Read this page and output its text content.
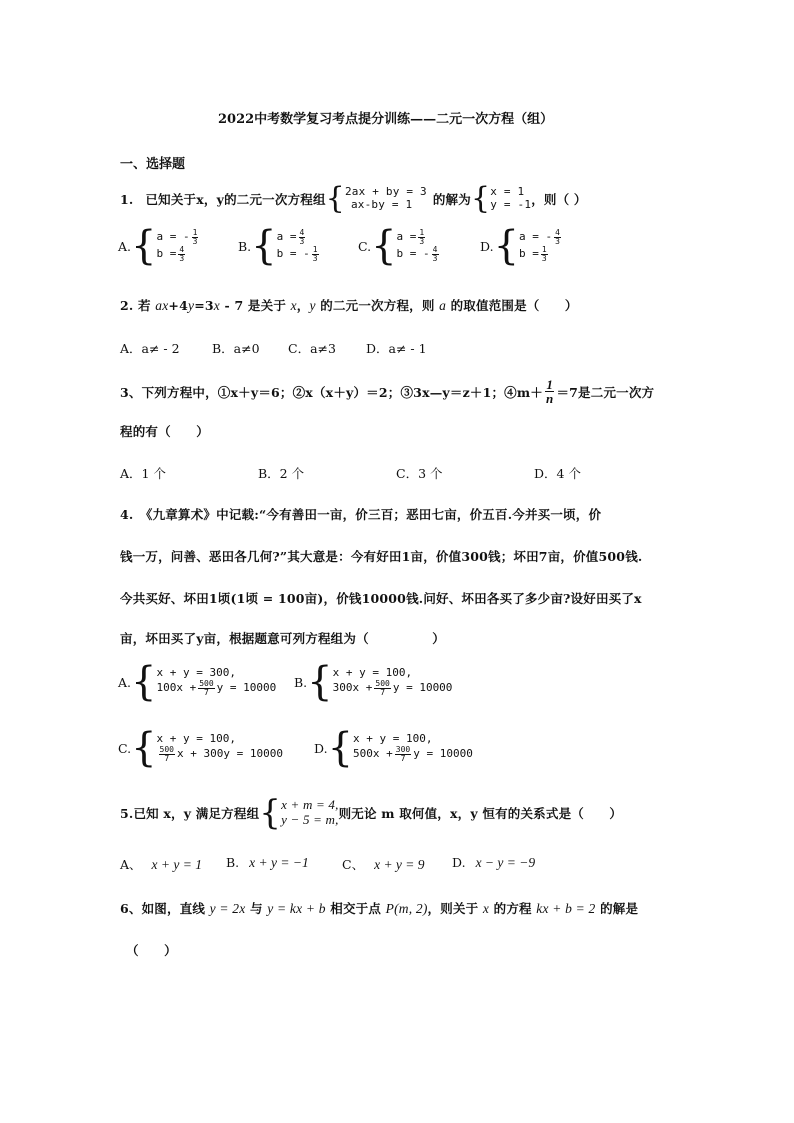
2022中考数学复习考点提分训练——二元一次方程（组）
一、选择题
1. 已知关于x，y的二元一次方程组 { 2ax + by = 3
ax-by = 1	的解为 { x = 1
y = -1 ，则（ ）
A. { a = - $\frac{1}{3}$
$b = \frac{4}{3}$	B. { $a = \frac{4}{3}$
b = - $\frac{1}{3}$	C. { $a = \frac{1}{3}$
b = - $\frac{4}{3}$	D. { a = - $\frac{4}{3}$
$b = \frac{1}{3}$
2. 若 ax+4y=3x - 7 是关于 x，y 的二元一次方程，则 a 的取值范围是（　　）
A．a≠ - 2	B．a≠0 C．a≠3 D．a≠ - 1
3、下列方程中，①x＋y＝6；②x（x＋y）＝2；③3x—y＝z＋1；④m＋ $\frac{1}{n} =7$是二元一次方
程的有（　　）
A．1 个	B．2 个	C．3 个	D．4 个
4.　《九章算术》中记载:“今有善田一亩，价三百；恶田七亩，价五百.今并买一顷，价
钱一万，问善、恶田各几何?”其大意是：今有好田1亩，价值300钱；坏田7亩，价值500钱.
今共买好、坏田1顷(1顷 = 100亩)，价钱10000钱.问好、坏田各买了多少亩?设好田买了x
亩，坏田买了y亩，根据题意可列方程组为（　　　　　）
A. { x + y = 300,
$100x + \frac{500}{7}$ y = 10000 B. { x + y = 100,
$300x + \frac{500}{7}$ y = 10000
C. { x + y = 100,
$\frac{500}{7}$ x + 300y = 10000 D. { x + y = 100,
$500x + \frac{300}{7}$ y = 10000
5.已知 x，y 满足方程组 { x + m = 4,
y − 5 = m, 则无论 m 取何值，x，y 恒有的关系式是（　　）
A、 x + y = 1 B. x + y = −1	C、 x + y = 9 D. x − y = −9
6、如图，直线 y = 2x 与 y = kx + b 相交于点 P(m, 2)，则关于 x 的方程 kx + b = 2 的解是
（　　）
